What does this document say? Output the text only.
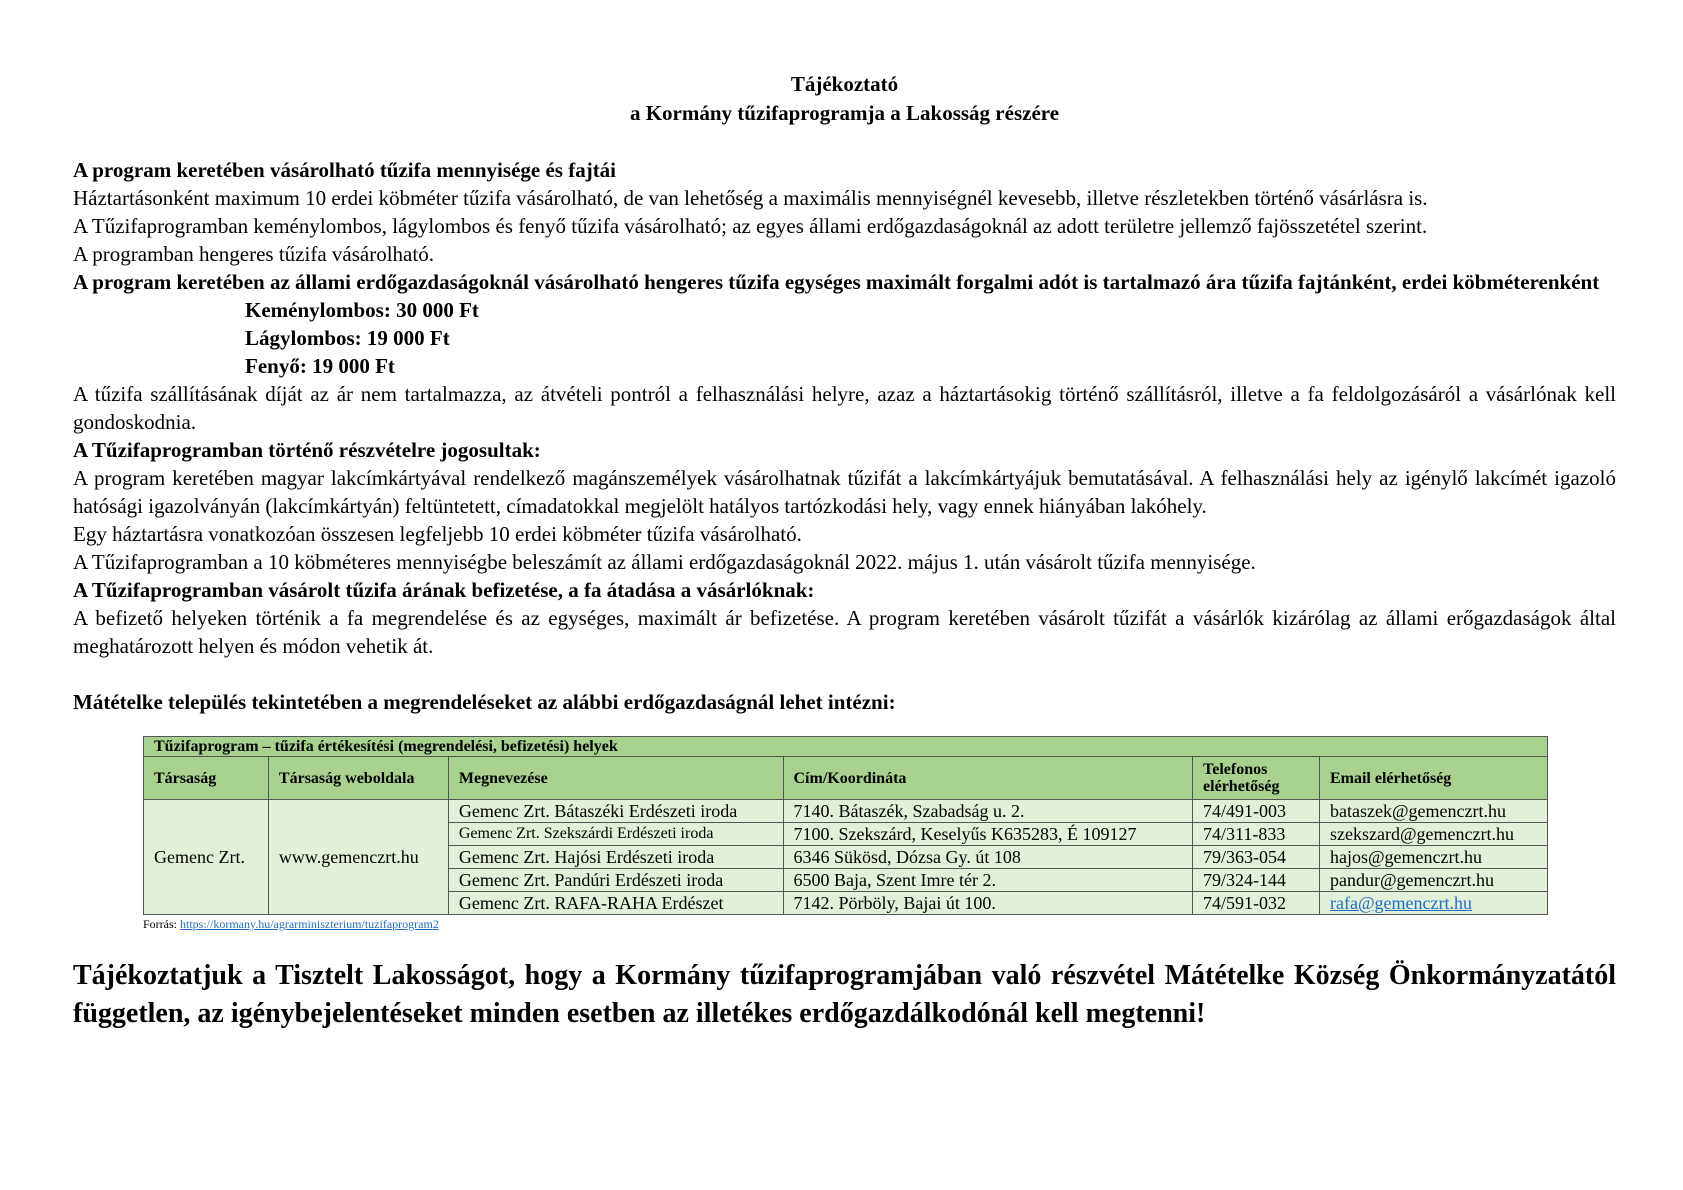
Tájékoztató
a Kormány tűzifaprogramja a Lakosság részére
A program keretében vásárolható tűzifa mennyisége és fajtái
Háztartásonként maximum 10 erdei köbméter tűzifa vásárolható, de van lehetőség a maximális mennyiségnél kevesebb, illetve részletekben történő vásárlásra is.
A Tűzifaprogramban keménylombos, lágylombos és fenyő tűzifa vásárolható; az egyes állami erdőgazdaságoknál az adott területre jellemző fajösszetétel szerint.
A programban hengeres tűzifa vásárolható.
A program keretében az állami erdőgazdaságoknál vásárolható hengeres tűzifa egységes maximált forgalmi adót is tartalmazó ára tűzifa fajtánként, erdei köbméterenként
Keménylombos: 30 000 Ft
Lágylombos: 19 000 Ft
Fenyő: 19 000 Ft
A tűzifa szállításának díját az ár nem tartalmazza, az átvételi pontról a felhasználási helyre, azaz a háztartásokig történő szállításról, illetve a fa feldolgozásáról a vásárlónak kell gondoskodnia.
A Tűzifaprogramban történő részvételre jogosultak:
A program keretében magyar lakcímkártyával rendelkező magánszemélyek vásárolhatnak tűzifát a lakcímkártyájuk bemutatásával. A felhasználási hely az igénylő lakcímét igazoló hatósági igazolványán (lakcímkártyán) feltüntetett, címadatokkal megjelölt hatályos tartózkodási hely, vagy ennek hiányában lakóhely.
Egy háztartásra vonatkozóan összesen legfeljebb 10 erdei köbméter tűzifa vásárolható.
A Tűzifaprogramban a 10 köbméteres mennyiségbe beleszámít az állami erdőgazdaságoknál 2022. május 1. után vásárolt tűzifa mennyisége.
A Tűzifaprogramban vásárolt tűzifa árának befizetése, a fa átadása a vásárlóknak:
A befizető helyeken történik a fa megrendelése és az egységes, maximált ár befizetése. A program keretében vásárolt tűzifát a vásárlók kizárólag az állami erőgazdaságok által meghatározott helyen és módon vehetik át.
Mátételke település tekintetében a megrendeléseket az alábbi erdőgazdaságnál lehet intézni:
Tűzifaprogram – tűzifa értékesítési (megrendelési, befizetési) helyek					
Társaság	Társaság weboldala	Megnevezése	Cím/Koordináta	Telefonos elérhetőség	Email elérhetőség
Gemenc Zrt.	www.gemenczrt.hu	Gemenc Zrt. Bátaszéki Erdészeti iroda	7140. Bátaszék, Szabadság u. 2.	74/491-003	bataszek@gemenczrt.hu
		Gemenc Zrt. Szekszárdi Erdészeti iroda	7100. Szekszárd, Keselyűs K635283, É 109127	74/311-833	szekszard@gemenczrt.hu
		Gemenc Zrt. Hajósi Erdészeti iroda	6346 Sükösd, Dózsa Gy. út 108	79/363-054	hajos@gemenczrt.hu
		Gemenc Zrt. Pandúri Erdészeti iroda	6500 Baja, Szent Imre tér 2.	79/324-144	pandur@gemenczrt.hu
		Gemenc Zrt. RAFA-RAHA Erdészet	7142. Pörböly, Bajai út 100.	74/591-032	rafa@gemenczrt.hu
Forrás: https://kormany.hu/agrarminiszterium/tuzifaprogram2
Tájékoztatjuk a Tisztelt Lakosságot, hogy a Kormány tűzifaprogramjában való részvétel Mátételke Község Önkormányzatától független, az igénybejelentéseket minden esetben az illetékes erdőgazdálkodónál kell megtenni!
